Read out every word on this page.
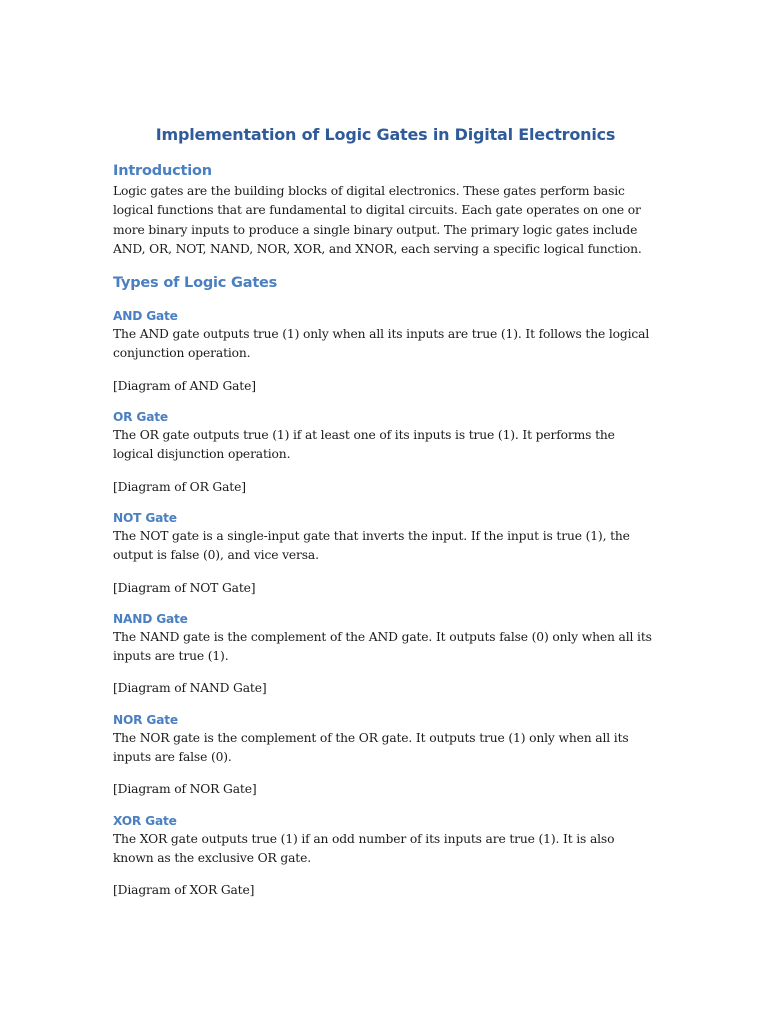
Implementation of Logic Gates in Digital Electronics
Introduction

Logic gates are the building blocks of digital electronics. These gates perform basic logical functions that are fundamental to digital circuits. Each gate operates on one or more binary inputs to produce a single binary output. The primary logic gates include AND, OR, NOT, NAND, NOR, XOR, and XNOR, each serving a specific logical function.

Types of Logic Gates
AND Gate

The AND gate outputs true (1) only when all its inputs are true (1). It follows the logical conjunction operation.

[Diagram of AND Gate]

OR Gate

The OR gate outputs true (1) if at least one of its inputs is true (1). It performs the logical disjunction operation.

[Diagram of OR Gate]

NOT Gate

The NOT gate is a single-input gate that inverts the input. If the input is true (1), the output is false (0), and vice versa.

[Diagram of NOT Gate]

NAND Gate

The NAND gate is the complement of the AND gate. It outputs false (0) only when all its inputs are true (1).

[Diagram of NAND Gate]

NOR Gate

The NOR gate is the complement of the OR gate. It outputs true (1) only when all its inputs are false (0).

[Diagram of NOR Gate]

XOR Gate

The XOR gate outputs true (1) if an odd number of its inputs are true (1). It is also known as the exclusive OR gate.

[Diagram of XOR Gate]
